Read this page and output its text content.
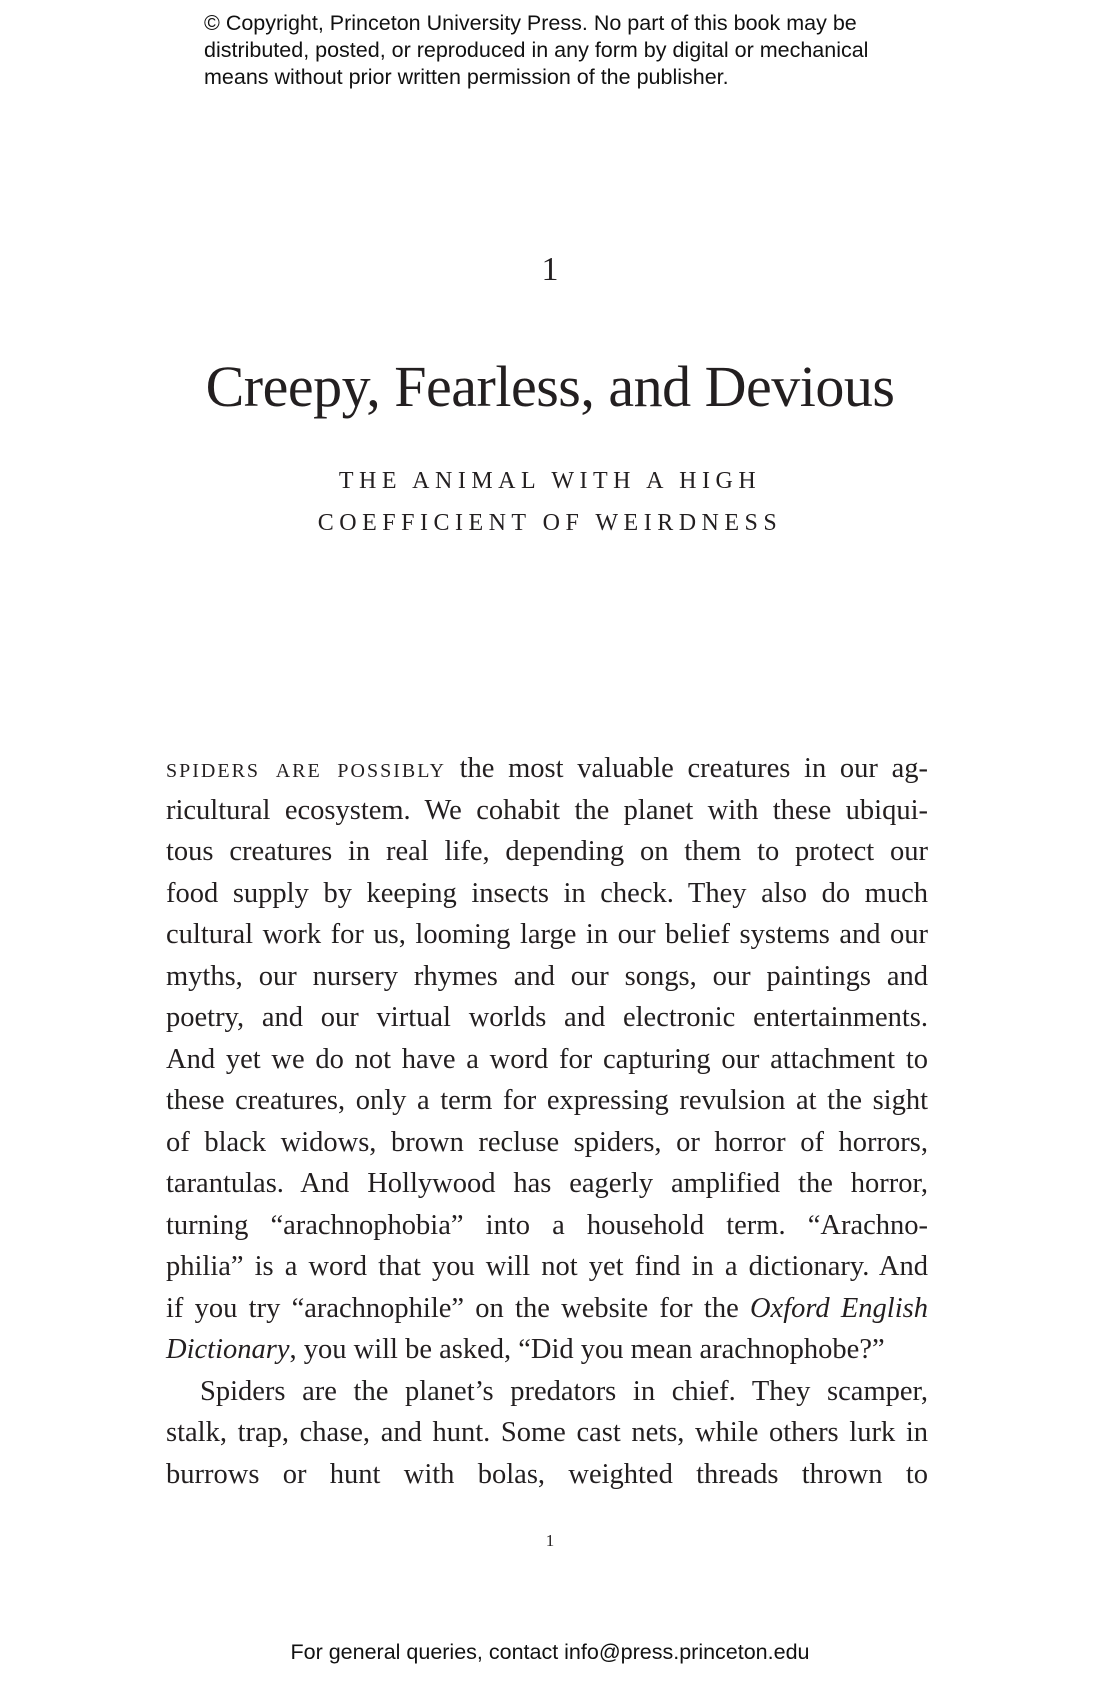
© Copyright, Princeton University Press. No part of this book may be
distributed, posted, or reproduced in any form by digital or mechanical
means without prior written permission of the publisher.
1
Creepy, Fearless, and Devious
THE ANIMAL WITH A HIGH
COEFFICIENT OF WEIRDNESS
spiders are possibly the most valuable creatures in our ag-
ricultural ecosystem. We cohabit the planet with these ubiqui-
tous creatures in real life, depending on them to protect our
food supply by keeping insects in check. They also do much
cultural work for us, looming large in our belief systems and our
myths, our nursery rhymes and our songs, our paintings and
poetry, and our virtual worlds and electronic entertainments.
And yet we do not have a word for capturing our attachment to
these creatures, only a term for expressing revulsion at the sight
of black widows, brown recluse spiders, or horror of horrors,
tarantulas. And Hollywood has eagerly amplified the horror,
turning “arachnophobia” into a household term. “Arachno-
philia” is a word that you will not yet find in a dictionary. And
if you try “arachnophile” on the website for the Oxford English
Dictionary, you will be asked, “Did you mean arachnophobe?”
Spiders are the planet’s predators in chief. They scamper,
stalk, trap, chase, and hunt. Some cast nets, while others lurk in
burrows or hunt with bolas, weighted threads thrown to
1
For general queries, contact info@press.princeton.edu
